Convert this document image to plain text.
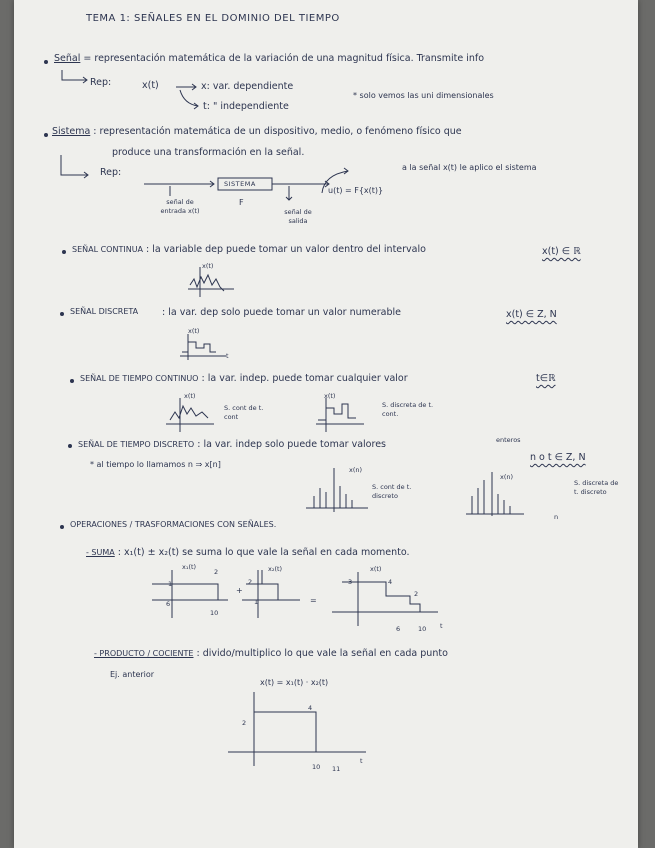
TEMA 1: SEÑALES EN EL DOMINIO DEL TIEMPO
Señal = representación matemática de la variación de una magnitud física. Transmite info
Rep:	x(t)	x: var. dependiente
t: " independiente
* solo vemos las uni dimensionales
Sistema : representación matemática de un dispositivo, medio, o fenómeno físico que
produce una transformación en la señal.
Rep:
SISTEMA
F
señal de entrada x(t)	señal de salida
u(t) = F{x(t)}
a la señal x(t) le aplico el sistema
SEÑAL CONTINUA : la variable dep puede tomar un valor dentro del intervalo	x(t) ∈ ℝ
x(t)
SEÑAL DISCRETA	: la var. dep solo puede tomar un valor numerable	x(t) ∈ Z, N
x(t)
t
SEÑAL DE TIEMPO CONTINUO : la var. indep. puede tomar cualquier valor	t∈ℝ
x(t)
S. cont de t. cont
x(t)
S. discreta de t. cont.
SEÑAL DE TIEMPO DISCRETO : la var. indep solo puede tomar valores	enteros
n o t ∈ Z, N
* al tiempo lo llamamos n ⇒ x[n]
x(n)
S. cont de t. discreto
x(n)
S. discreta de t. discreto
n
OPERACIONES / TRASFORMACIONES CON SEÑALES.
- SUMA : x₁(t) ± x₂(t) se suma lo que vale la señal en cada momento.
x₁(t)
1
6
10
2
+
x₂(t)
2
1	=
x(t)
3	4
2
6	10 t
- PRODUCTO / COCIENTE : divido/multiplico lo que vale la señal en cada punto
Ej. anterior
x(t) = x₁(t) · x₂(t)
2
4
10 11
t
